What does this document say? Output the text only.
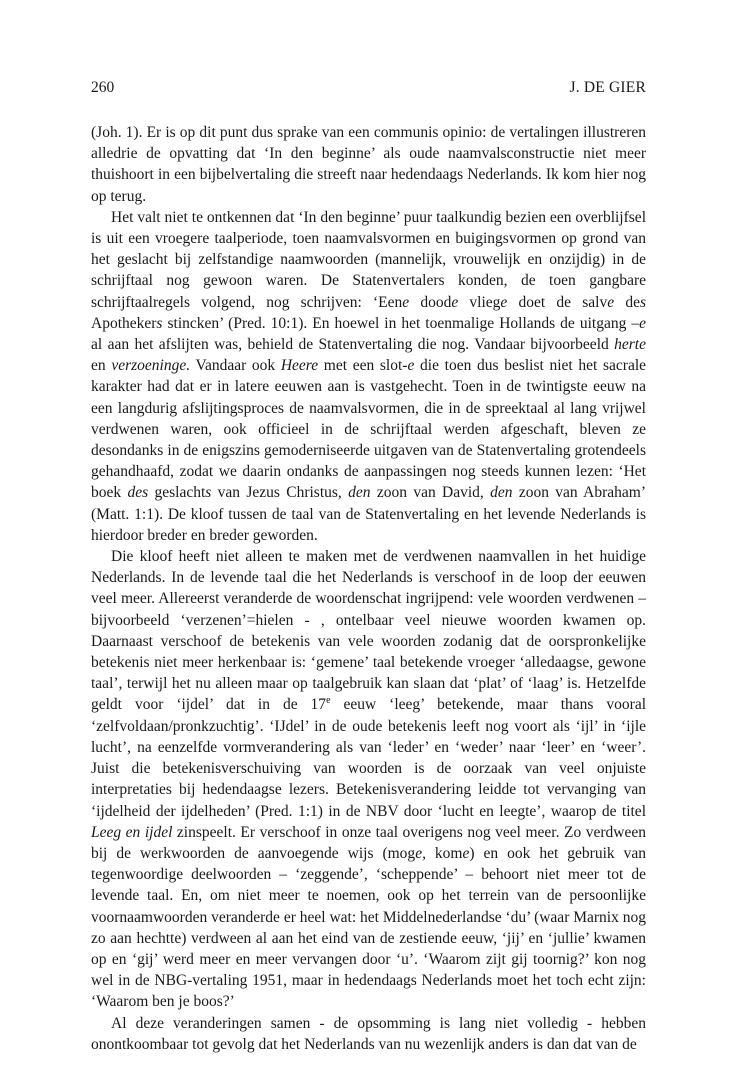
260	J. DE GIER

(Joh. 1). Er is op dit punt dus sprake van een communis opinio: de vertalingen illustreren alledrie de opvatting dat ‘In den beginne’ als oude naamvalsconstructie niet meer thuishoort in een bijbelvertaling die streeft naar hedendaags Nederlands. Ik kom hier nog op terug.

Het valt niet te ontkennen dat ‘In den beginne’ puur taalkundig bezien een overblijfsel is uit een vroegere taalperiode, toen naamvalsvormen en buigingsvormen op grond van het geslacht bij zelfstandige naamwoorden (mannelijk, vrouwelijk en onzijdig) in de schrijftaal nog gewoon waren. De Statenvertalers konden, de toen gangbare schrijftaalregels volgend, nog schrijven: ‘Eene doode vliege doet de salve des Apothekers stincken’ (Pred. 10:1). En hoewel in het toenmalige Hollands de uitgang –e al aan het afslijten was, behield de Statenvertaling die nog. Vandaar bijvoorbeeld herte en verzoeninge. Vandaar ook Heere met een slot-e die toen dus beslist niet het sacrale karakter had dat er in latere eeuwen aan is vastgehecht. Toen in de twintigste eeuw na een langdurig afslijtingsproces de naamvalsvormen, die in de spreektaal al lang vrijwel verdwenen waren, ook officieel in de schrijftaal werden afgeschaft, bleven ze desondanks in de enigszins gemoderniseerde uitgaven van de Statenvertaling grotendeels gehandhaafd, zodat we daarin ondanks de aanpassingen nog steeds kunnen lezen: ‘Het boek des geslachts van Jezus Christus, den zoon van David, den zoon van Abraham’ (Matt. 1:1). De kloof tussen de taal van de Statenvertaling en het levende Nederlands is hierdoor breder en breder geworden.

Die kloof heeft niet alleen te maken met de verdwenen naamvallen in het huidige Nederlands. In de levende taal die het Nederlands is verschoof in de loop der eeuwen veel meer. Allereerst veranderde de woordenschat ingrijpend: vele woorden verdwenen – bijvoorbeeld ‘verzenen’=hielen - , ontelbaar veel nieuwe woorden kwamen op. Daarnaast verschoof de betekenis van vele woorden zodanig dat de oorspronkelijke betekenis niet meer herkenbaar is: ‘gemene’ taal betekende vroeger ‘alledaagse, gewone taal’, terwijl het nu alleen maar op taalgebruik kan slaan dat ‘plat’ of ‘laag’ is. Hetzelfde geldt voor ‘ijdel’ dat in de 17e eeuw ‘leeg’ betekende, maar thans vooral ‘zelfvoldaan/pronkzuchtig’. ‘IJdel’ in de oude betekenis leeft nog voort als ‘ijl’ in ‘ijle lucht’, na eenzelfde vormverandering als van ‘leder’ en ‘weder’ naar ‘leer’ en ‘weer’. Juist die betekenisverschuiving van woorden is de oorzaak van veel onjuiste interpretaties bij hedendaagse lezers. Betekenisverandering leidde tot vervanging van ‘ijdelheid der ijdelheden’ (Pred. 1:1) in de NBV door ‘lucht en leegte’, waarop de titel Leeg en ijdel zinspeelt. Er verschoof in onze taal overigens nog veel meer. Zo verdween bij de werkwoorden de aanvoegende wijs (moge, kome) en ook het gebruik van tegenwoordige deelwoorden – ‘zeggende’, ‘scheppende’ – behoort niet meer tot de levende taal. En, om niet meer te noemen, ook op het terrein van de persoonlijke voornaamwoorden veranderde er heel wat: het Middelnederlandse ‘du’ (waar Marnix nog zo aan hechtte) verdween al aan het eind van de zestiende eeuw, ‘jij’ en ‘jullie’ kwamen op en ‘gij’ werd meer en meer vervangen door ‘u’. ‘Waarom zijt gij toornig?’ kon nog wel in de NBG-vertaling 1951, maar in hedendaags Nederlands moet het toch echt zijn: ‘Waarom ben je boos?’

Al deze veranderingen samen - de opsomming is lang niet volledig - hebben onontkoombaar tot gevolg dat het Nederlands van nu wezenlijk anders is dan dat van de
